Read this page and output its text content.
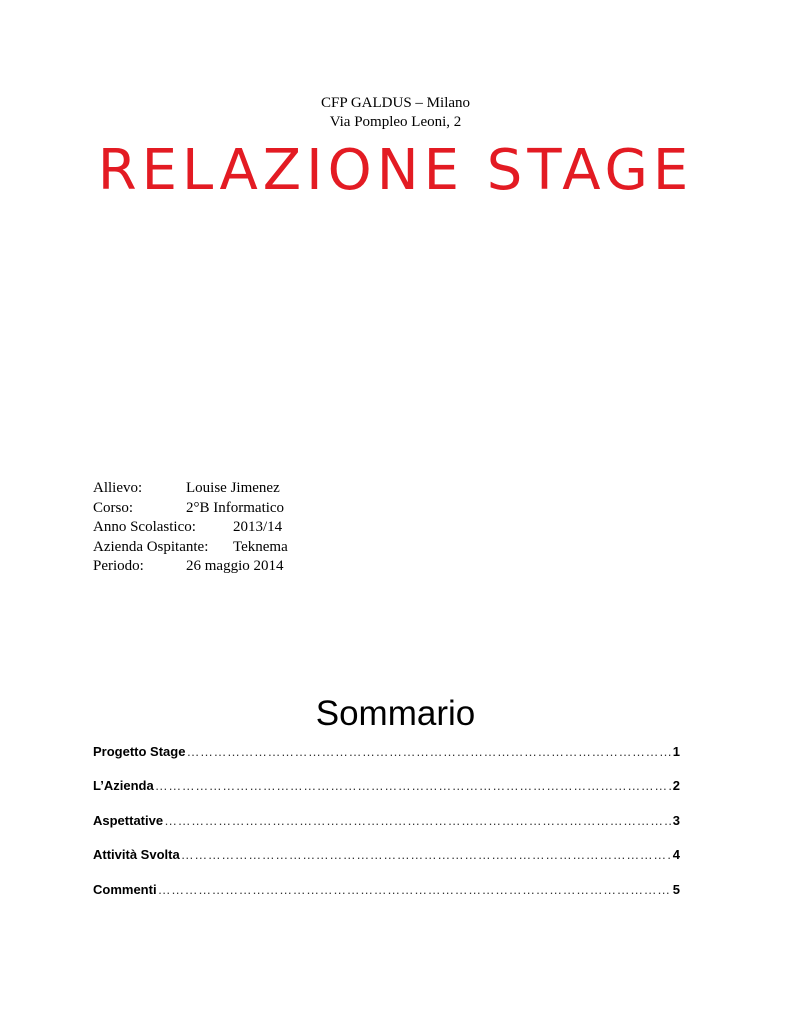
CFP GALDUS – Milano
Via Pompleo Leoni, 2
RELAZIONE STAGE
Allievo:	Louise Jimenez
Corso:	2°B Informatico
Anno Scolastico: 2013/14
Azienda Ospitante: Teknema
Periodo:	26 maggio 2014
Sommario
Progetto Stage …………………………………………………………………………………………………………………………………………………………………………	1
L’Azienda …………………………………………………………………………………………………………………………………………………………………………	2
Aspettative …………………………………………………………………………………………………………………………………………………………………………	3
Attività Svolta …………………………………………………………………………………………………………………………………………………………………………	4
Commenti …………………………………………………………………………………………………………………………………………………………………………	5
